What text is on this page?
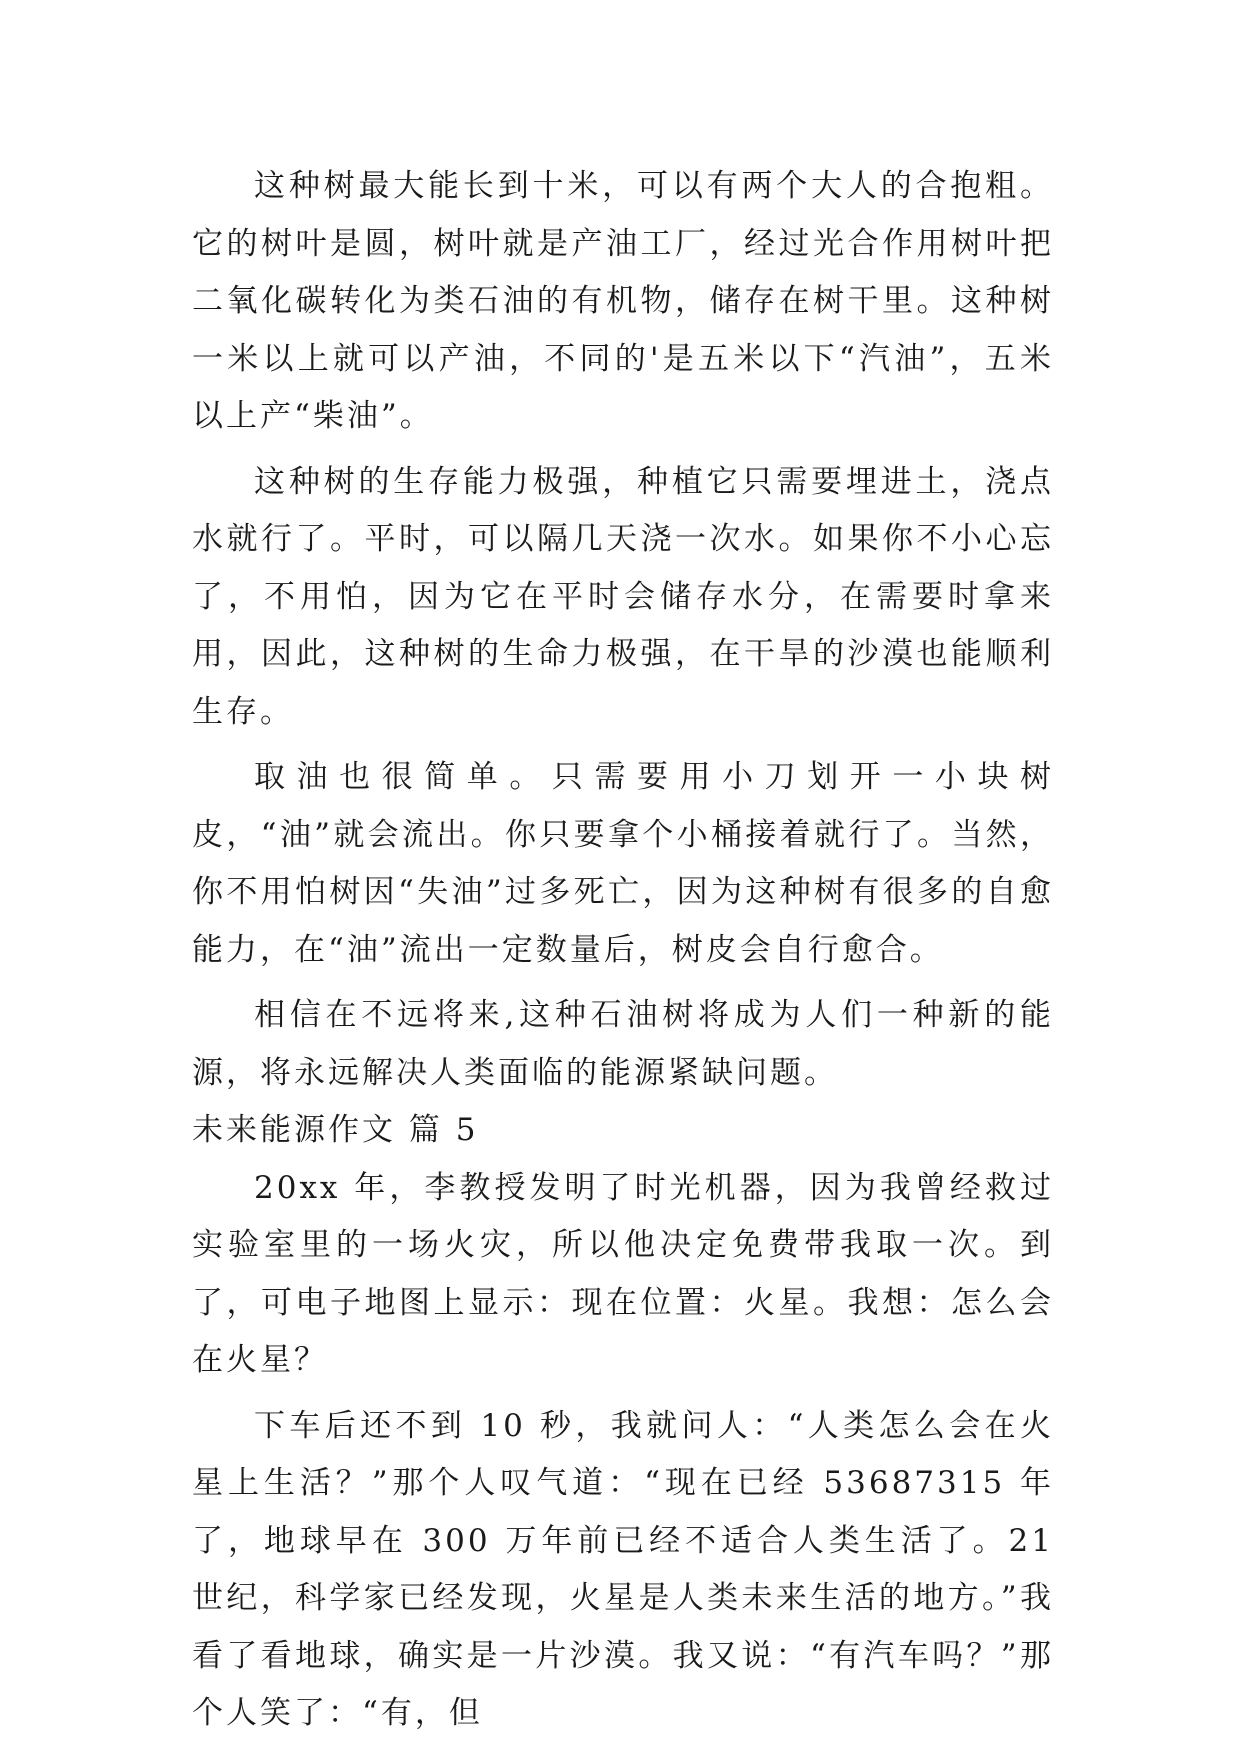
这种树最大能长到十米，可以有两个大人的合抱粗。它的树叶是圆，树叶就是产油工厂，经过光合作用树叶把二氧化碳转化为类石油的有机物，储存在树干里。这种树一米以上就可以产油，不同的'是五米以下“汽油”，五米以上产“柴油”。

这种树的生存能力极强，种植它只需要埋进土，浇点水就行了。平时，可以隔几天浇一次水。如果你不小心忘了，不用怕，因为它在平时会储存水分，在需要时拿来用，因此，这种树的生命力极强，在干旱的沙漠也能顺利生存。

取油也很简单。只需要用小刀划开一小块树皮，“油”就会流出。你只要拿个小桶接着就行了。当然，你不用怕树因“失油”过多死亡，因为这种树有很多的自愈能力，在“油”流出一定数量后，树皮会自行愈合。

相信在不远将来,这种石油树将成为人们一种新的能源，将永远解决人类面临的能源紧缺问题。

未来能源作文 篇 5

20xx 年，李教授发明了时光机器，因为我曾经救过实验室里的一场火灾，所以他决定免费带我取一次。到了，可电子地图上显示：现在位置：火星。我想：怎么会在火星？

下车后还不到 10 秒，我就问人：“人类怎么会在火星上生活？”那个人叹气道：“现在已经 53687315 年了，地球早在 300 万年前已经不适合人类生活了。21 世纪，科学家已经发现，火星是人类未来生活的地方。”我看了看地球，确实是一片沙漠。我又说：“有汽车吗？”那个人笑了：“有，但
